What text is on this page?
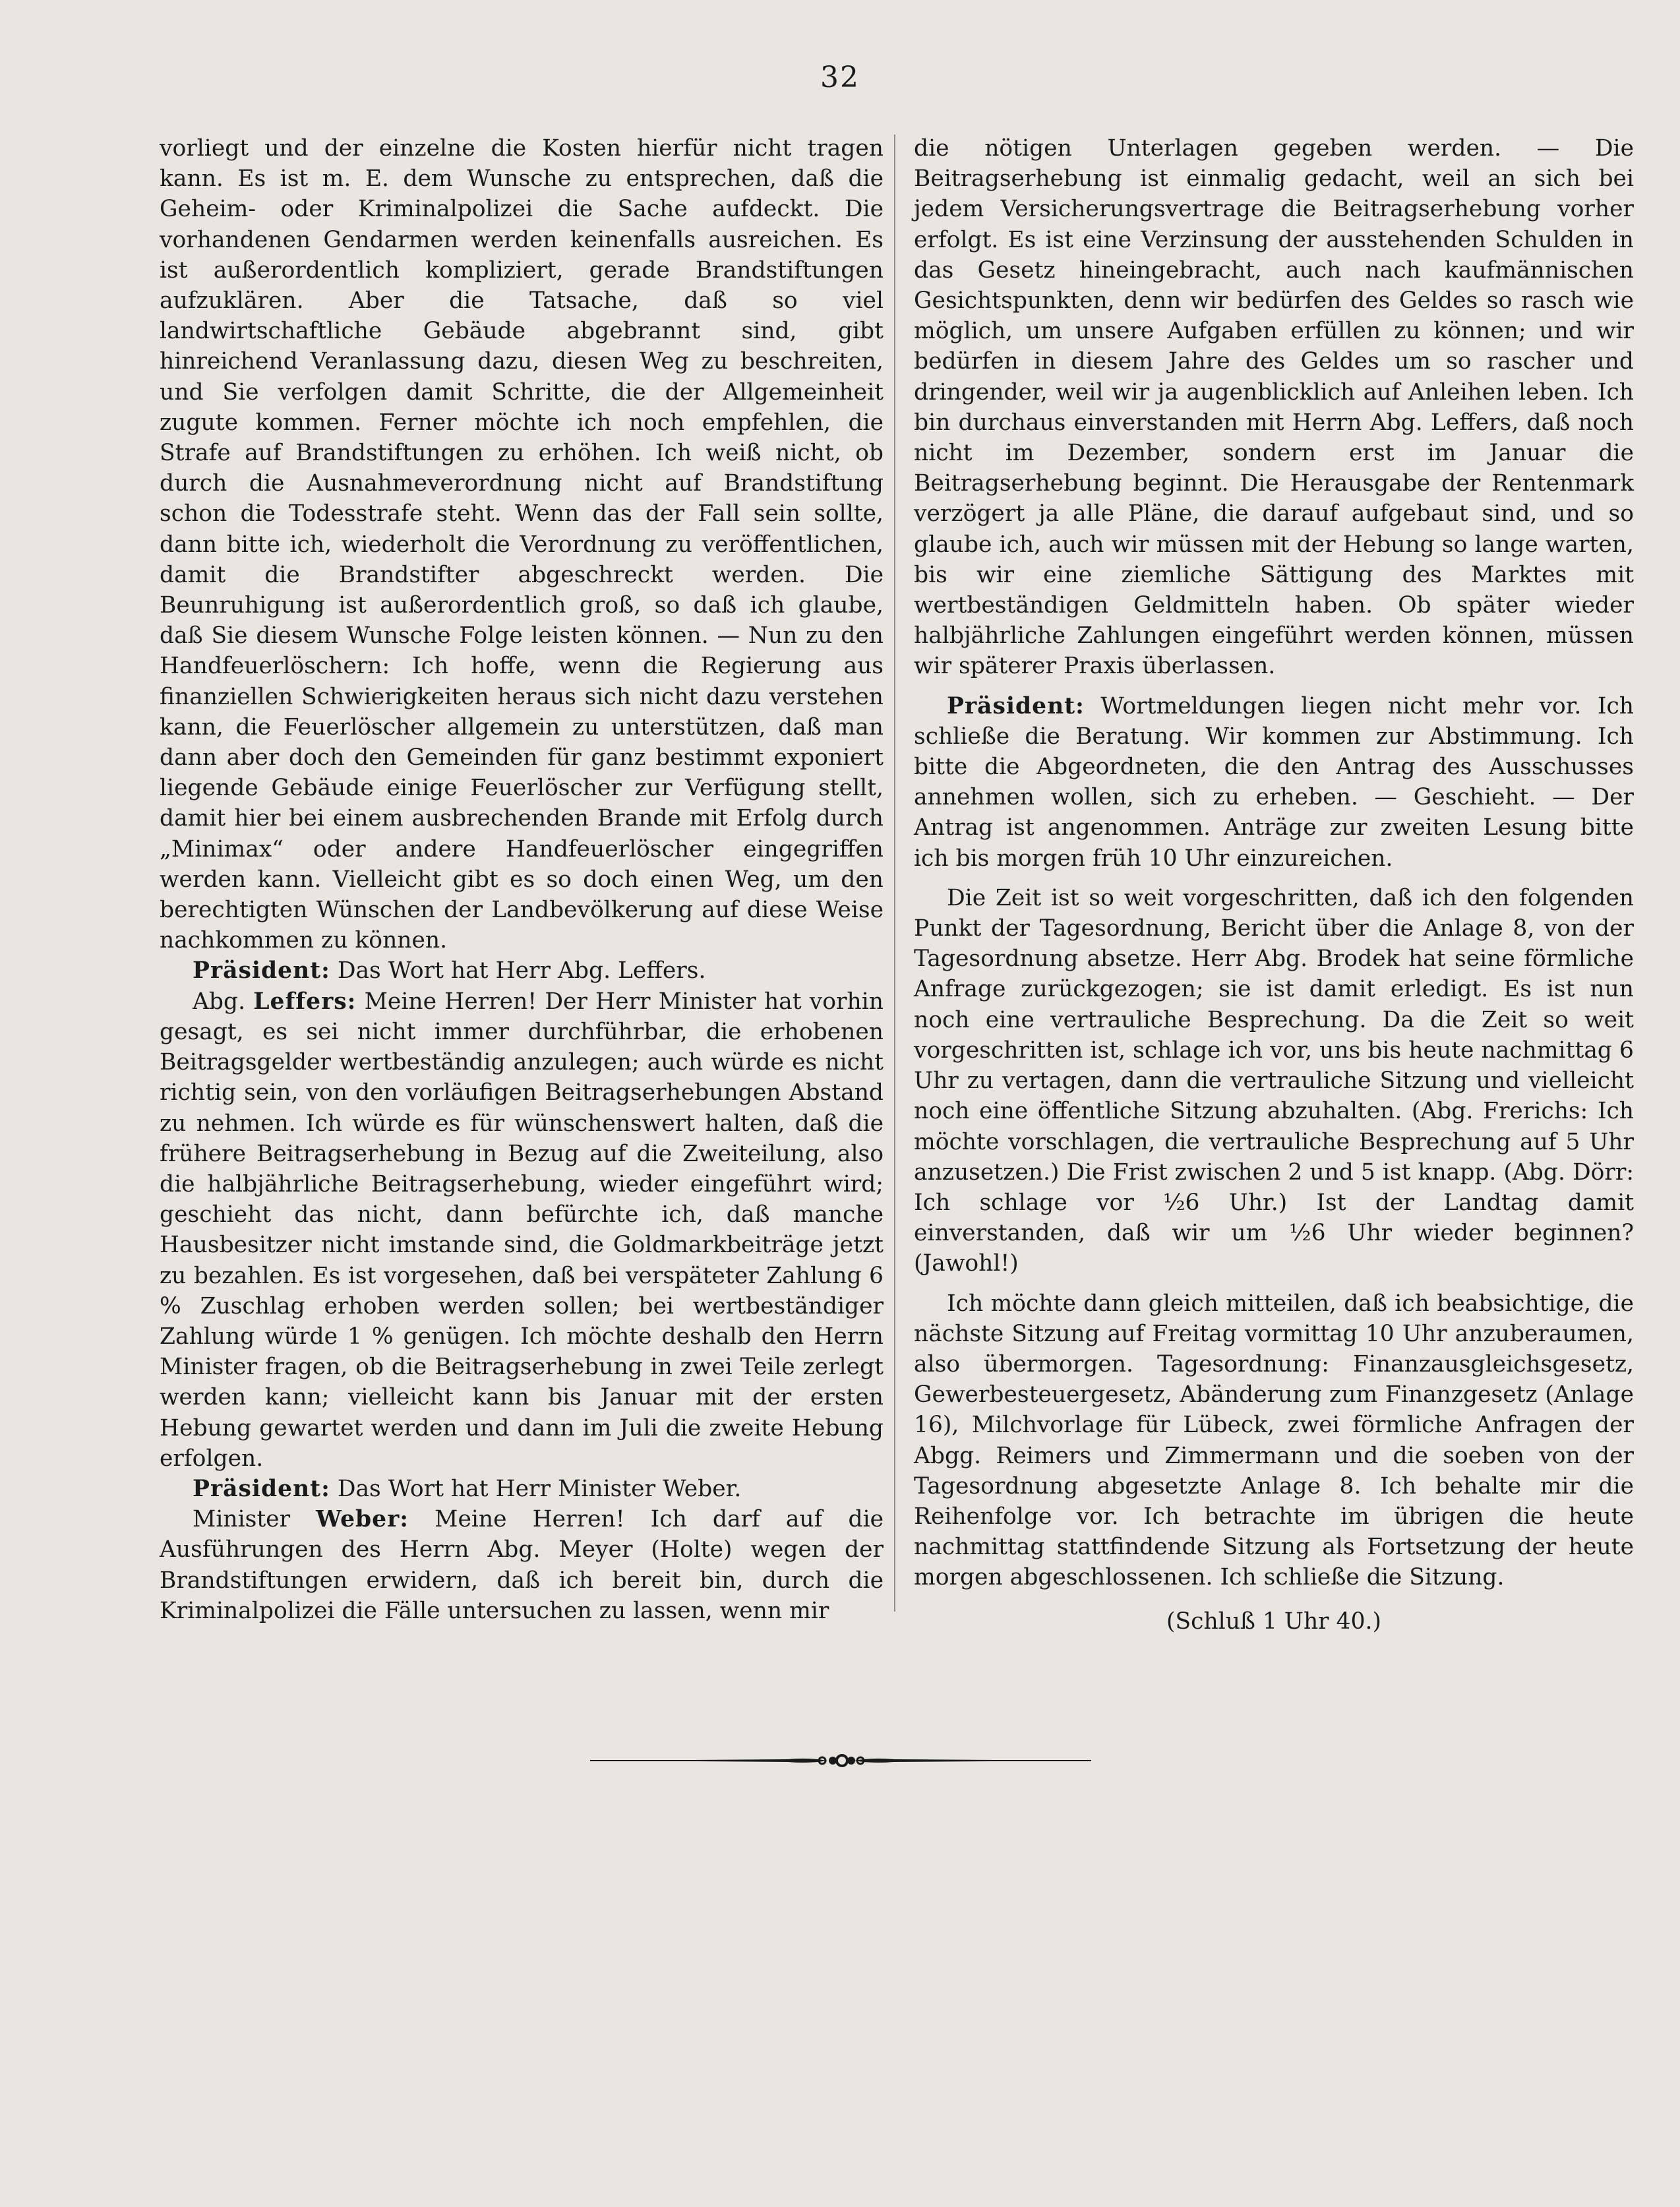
32

vorliegt und der einzelne die Kosten hierfür nicht tragen kann. Es ist m. E. dem Wunsche zu entsprechen, daß die Geheim- oder Kriminalpolizei die Sache aufdeckt. Die vorhandenen Gendarmen werden keinenfalls ausreichen. Es ist außerordentlich kompliziert, gerade Brandstiftungen aufzuklären. Aber die Tatsache, daß so viel landwirtschaftliche Gebäude abgebrannt sind, gibt hinreichend Veranlassung dazu, diesen Weg zu beschreiten, und Sie verfolgen damit Schritte, die der Allgemeinheit zugute kommen. Ferner möchte ich noch empfehlen, die Strafe auf Brandstiftungen zu erhöhen. Ich weiß nicht, ob durch die Ausnahmeverordnung nicht auf Brandstiftung schon die Todesstrafe steht. Wenn das der Fall sein sollte, dann bitte ich, wiederholt die Verordnung zu veröffentlichen, damit die Brandstifter abgeschreckt werden. Die Beunruhigung ist außerordentlich groß, so daß ich glaube, daß Sie diesem Wunsche Folge leisten können. — Nun zu den Handfeuerlöschern: Ich hoffe, wenn die Regierung aus finanziellen Schwierigkeiten heraus sich nicht dazu verstehen kann, die Feuerlöscher allgemein zu unterstützen, daß man dann aber doch den Gemeinden für ganz bestimmt exponiert liegende Gebäude einige Feuerlöscher zur Verfügung stellt, damit hier bei einem ausbrechenden Brande mit Erfolg durch „Minimax“ oder andere Handfeuerlöscher eingegriffen werden kann. Vielleicht gibt es so doch einen Weg, um den berechtigten Wünschen der Landbevölkerung auf diese Weise nachkommen zu können.

Präsident: Das Wort hat Herr Abg. Leffers.

Abg. Leffers: Meine Herren! Der Herr Minister hat vorhin gesagt, es sei nicht immer durchführbar, die erhobenen Beitragsgelder wertbeständig anzulegen; auch würde es nicht richtig sein, von den vorläufigen Beitragserhebungen Abstand zu nehmen. Ich würde es für wünschenswert halten, daß die frühere Beitragserhebung in Bezug auf die Zweiteilung, also die halbjährliche Beitragserhebung, wieder eingeführt wird; geschieht das nicht, dann befürchte ich, daß manche Hausbesitzer nicht imstande sind, die Goldmarkbeiträge jetzt zu bezahlen. Es ist vorgesehen, daß bei verspäteter Zahlung 6 % Zuschlag erhoben werden sollen; bei wertbeständiger Zahlung würde 1 % genügen. Ich möchte deshalb den Herrn Minister fragen, ob die Beitragserhebung in zwei Teile zerlegt werden kann; vielleicht kann bis Januar mit der ersten Hebung gewartet werden und dann im Juli die zweite Hebung erfolgen.

Präsident: Das Wort hat Herr Minister Weber.

Minister Weber: Meine Herren! Ich darf auf die Ausführungen des Herrn Abg. Meyer (Holte) wegen der Brandstiftungen erwidern, daß ich bereit bin, durch die Kriminalpolizei die Fälle untersuchen zu lassen, wenn mir

die nötigen Unterlagen gegeben werden. — Die Beitragserhebung ist einmalig gedacht, weil an sich bei jedem Versicherungsvertrage die Beitragserhebung vorher erfolgt. Es ist eine Verzinsung der ausstehenden Schulden in das Gesetz hineingebracht, auch nach kaufmännischen Gesichtspunkten, denn wir bedürfen des Geldes so rasch wie möglich, um unsere Aufgaben erfüllen zu können; und wir bedürfen in diesem Jahre des Geldes um so rascher und dringender, weil wir ja augenblicklich auf Anleihen leben. Ich bin durchaus einverstanden mit Herrn Abg. Leffers, daß noch nicht im Dezember, sondern erst im Januar die Beitragserhebung beginnt. Die Herausgabe der Rentenmark verzögert ja alle Pläne, die darauf aufgebaut sind, und so glaube ich, auch wir müssen mit der Hebung so lange warten, bis wir eine ziemliche Sättigung des Marktes mit wertbeständigen Geldmitteln haben. Ob später wieder halbjährliche Zahlungen eingeführt werden können, müssen wir späterer Praxis überlassen.

Präsident: Wortmeldungen liegen nicht mehr vor. Ich schließe die Beratung. Wir kommen zur Abstimmung. Ich bitte die Abgeordneten, die den Antrag des Ausschusses annehmen wollen, sich zu erheben. — Geschieht. — Der Antrag ist angenommen. Anträge zur zweiten Lesung bitte ich bis morgen früh 10 Uhr einzureichen.

Die Zeit ist so weit vorgeschritten, daß ich den folgenden Punkt der Tagesordnung, Bericht über die Anlage 8, von der Tagesordnung absetze. Herr Abg. Brodek hat seine förmliche Anfrage zurückgezogen; sie ist damit erledigt. Es ist nun noch eine vertrauliche Besprechung. Da die Zeit so weit vorgeschritten ist, schlage ich vor, uns bis heute nachmittag 6 Uhr zu vertagen, dann die vertrauliche Sitzung und vielleicht noch eine öffentliche Sitzung abzuhalten. (Abg. Frerichs: Ich möchte vorschlagen, die vertrauliche Besprechung auf 5 Uhr anzusetzen.) Die Frist zwischen 2 und 5 ist knapp. (Abg. Dörr: Ich schlage vor ½6 Uhr.) Ist der Landtag damit einverstanden, daß wir um ½6 Uhr wieder beginnen? (Jawohl!)

Ich möchte dann gleich mitteilen, daß ich beabsichtige, die nächste Sitzung auf Freitag vormittag 10 Uhr anzuberaumen, also übermorgen. Tagesordnung: Finanzausgleichsgesetz, Gewerbesteuergesetz, Abänderung zum Finanzgesetz (Anlage 16), Milchvorlage für Lübeck, zwei förmliche Anfragen der Abgg. Reimers und Zimmermann und die soeben von der Tagesordnung abgesetzte Anlage 8. Ich behalte mir die Reihenfolge vor. Ich betrachte im übrigen die heute nachmittag stattfindende Sitzung als Fortsetzung der heute morgen abgeschlossenen. Ich schließe die Sitzung.

(Schluß 1 Uhr 40.)
